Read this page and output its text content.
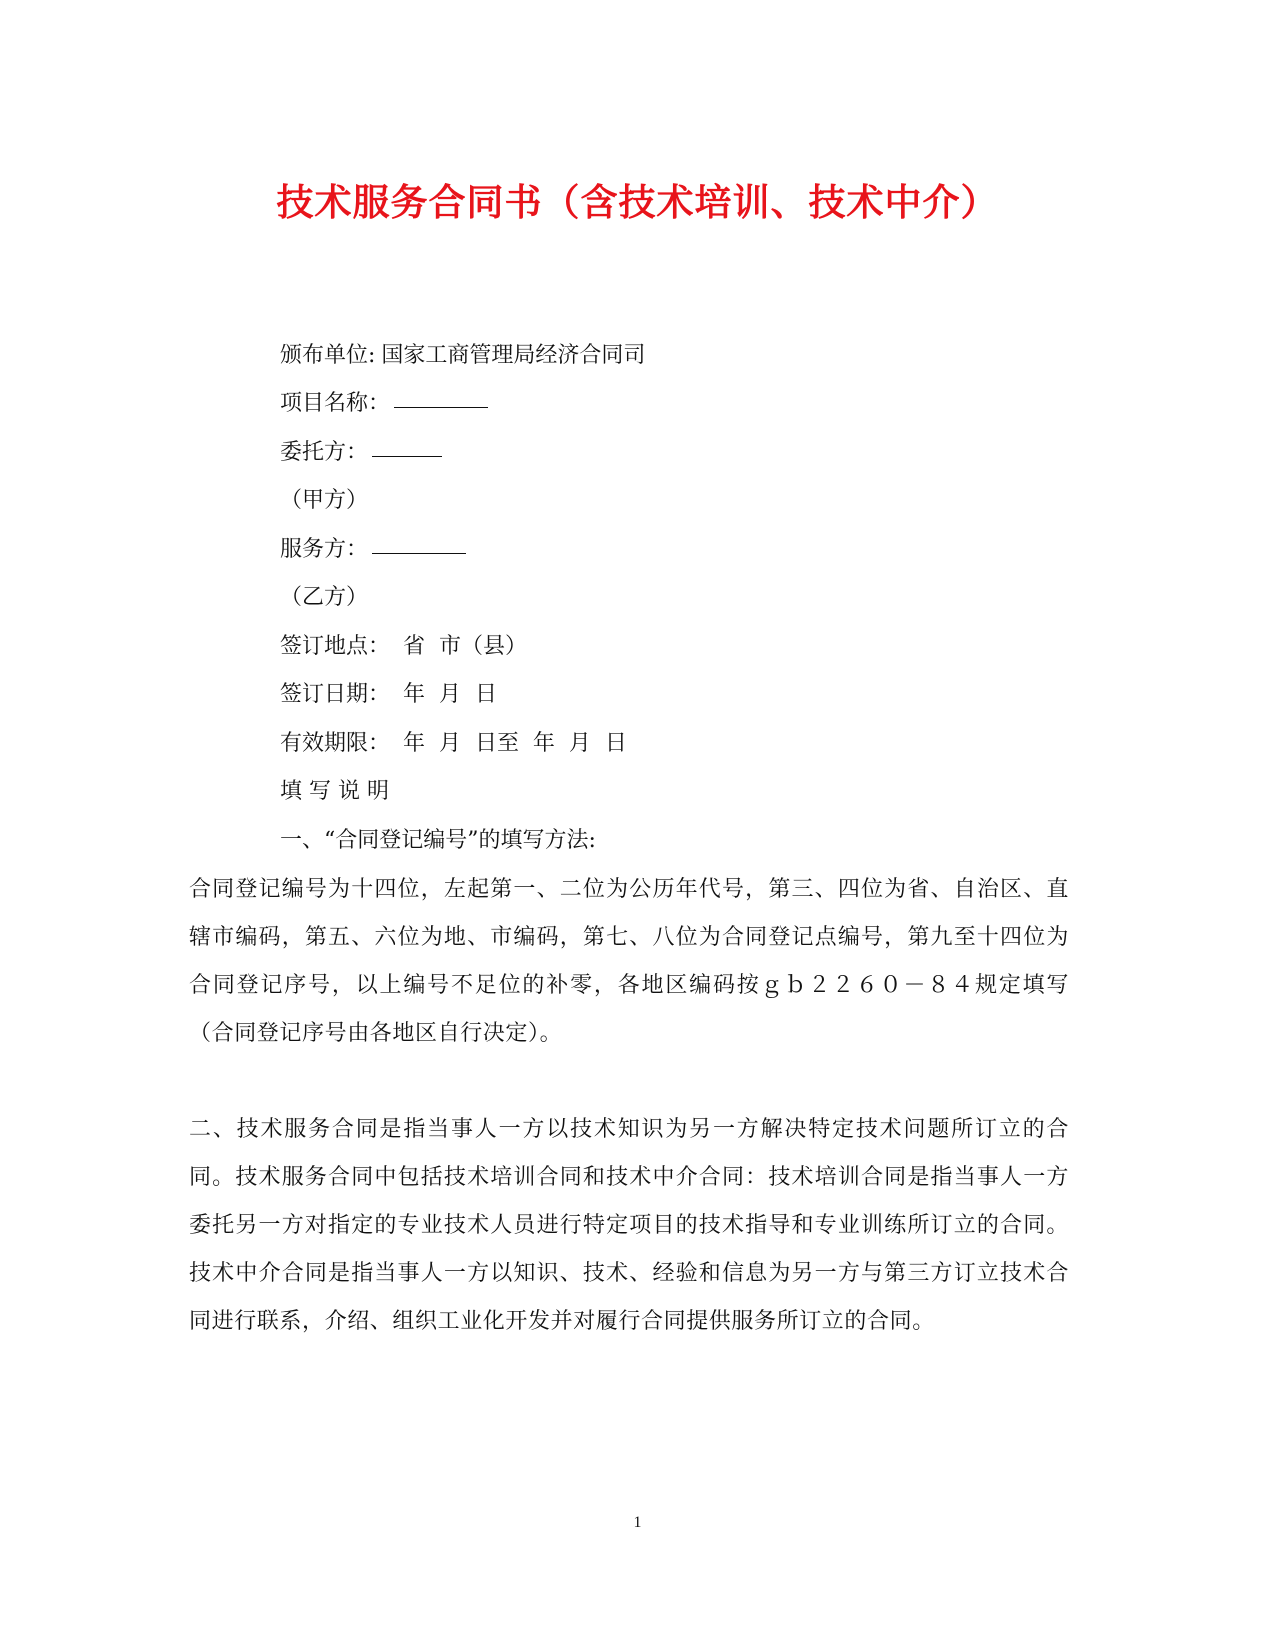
技术服务合同书（含技术培训、技术中介）

颁布单位: 国家工商管理局经济合同司

项目名称：

委托方：

（甲方）

服务方：

（乙方）

签订地点： 省  市（县）

签订日期： 年  月  日

有效期限： 年  月  日至  年  月  日

填 写 说 明

一、“合同登记编号”的填写方法:

合同登记编号为十四位，左起第一、二位为公历年代号，第三、四位为省、自治区、直辖市编码，第五、六位为地、市编码，第七、八位为合同登记点编号，第九至十四位为合同登记序号，以上编号不足位的补零，各地区编码按ｇｂ２２６０－８４规定填写（合同登记序号由各地区自行决定）。
二、技术服务合同是指当事人一方以技术知识为另一方解决特定技术问题所订立的合同。技术服务合同中包括技术培训合同和技术中介合同：技术培训合同是指当事人一方委托另一方对指定的专业技术人员进行特定项目的技术指导和专业训练所订立的合同。技术中介合同是指当事人一方以知识、技术、经验和信息为另一方与第三方订立技术合同进行联系，介绍、组织工业化开发并对履行合同提供服务所订立的合同。
1
